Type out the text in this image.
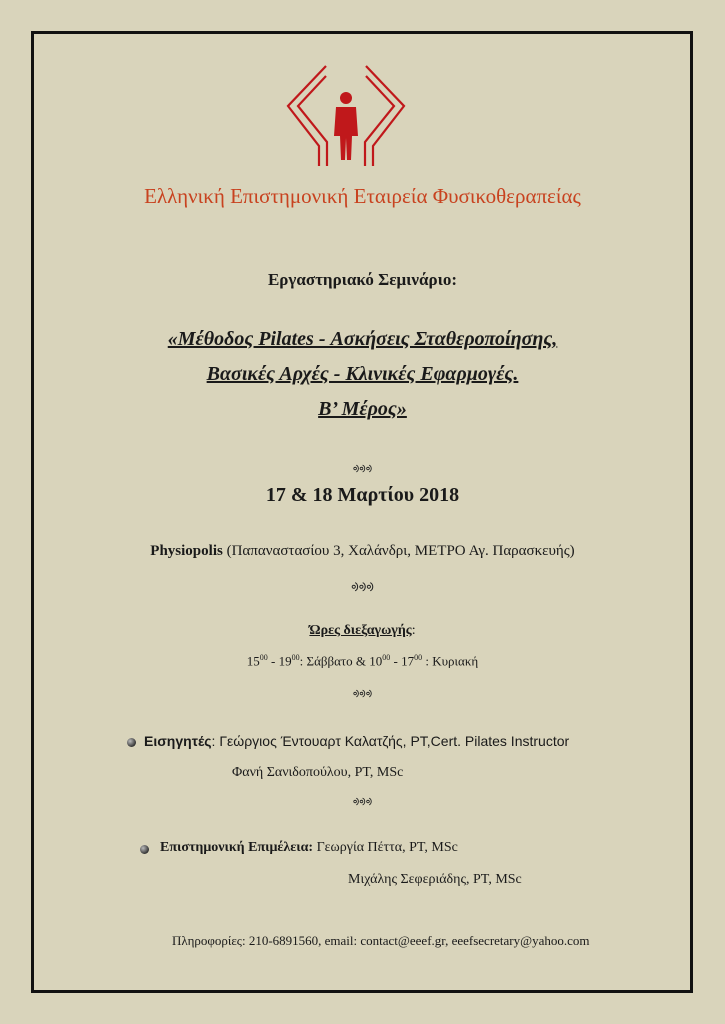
Ελληνική Επιστημονική Εταιρεία Φυσικοθεραπείας
Εργαστηριακό Σεμινάριο:
«Μέθοδος Pilates - Ασκήσεις Σταθεροποίησης,
Βασικές Αρχές - Κλινικές Εφαρμογές.
Β’ Μέρος»
ᢀᢀᢀ
17 & 18 Μαρτίου 2018
Physiopolis (Παπαναστασίου 3, Χαλάνδρι, ΜΕΤΡΟ Αγ. Παρασκευής)
ᢀᢀᢀ
Ώρες διεξαγωγής:
$15^{00} - 19^{00}$: Σάββατο & $10^{00} - 17^{00}$ : Κυριακή
ᢀᢀᢀ
Εισηγητές: Γεώργιος Έντουαρτ Καλατζής, PT,Cert. Pilates Instructor
Φανή Σανιδοπούλου, PT, MSc
ᢀᢀᢀ
Επιστημονική Επιμέλεια: Γεωργία Πέττα, PT, MSc
Μιχάλης Σεφεριάδης, PT, MSc
Πληροφορίες: 210-6891560, email: contact@eeef.gr, eeefsecretary@yahoo.com
